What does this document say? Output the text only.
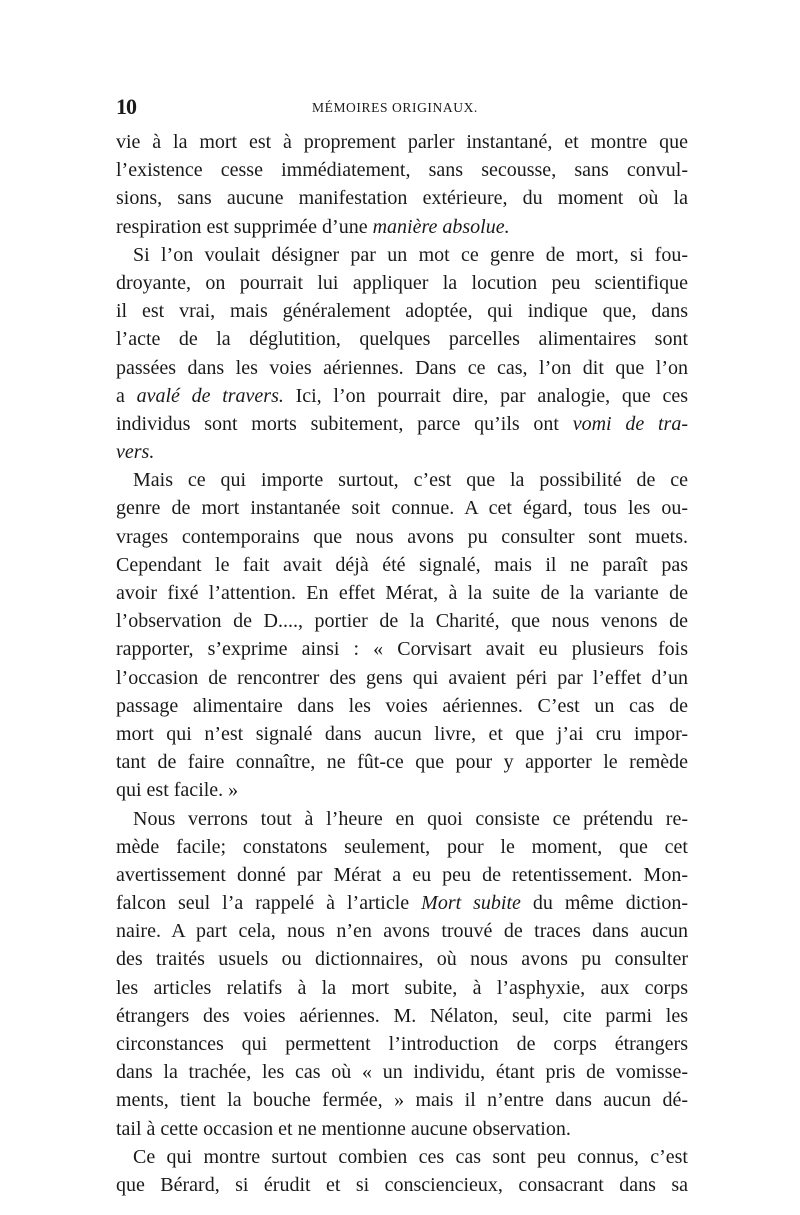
10	MÉMOIRES ORIGINAUX.
vie à la mort est à proprement parler instantané, et montre que
l’existence cesse immédiatement, sans secousse, sans convul-
sions, sans aucune manifestation extérieure, du moment où la
respiration est supprimée d’une manière absolue.
Si l’on voulait désigner par un mot ce genre de mort, si fou-
droyante, on pourrait lui appliquer la locution peu scientifique
il est vrai, mais généralement adoptée, qui indique que, dans
l’acte de la déglutition, quelques parcelles alimentaires sont
passées dans les voies aériennes. Dans ce cas, l’on dit que l’on
a avalé de travers. Ici, l’on pourrait dire, par analogie, que ces
individus sont morts subitement, parce qu’ils ont vomi de tra-
vers.
Mais ce qui importe surtout, c’est que la possibilité de ce
genre de mort instantanée soit connue. A cet égard, tous les ou-
vrages contemporains que nous avons pu consulter sont muets.
Cependant le fait avait déjà été signalé, mais il ne paraît pas
avoir fixé l’attention. En effet Mérat, à la suite de la variante de
l’observation de D...., portier de la Charité, que nous venons de
rapporter, s’exprime ainsi : « Corvisart avait eu plusieurs fois
l’occasion de rencontrer des gens qui avaient péri par l’effet d’un
passage alimentaire dans les voies aériennes. C’est un cas de
mort qui n’est signalé dans aucun livre, et que j’ai cru impor-
tant de faire connaître, ne fût-ce que pour y apporter le remède
qui est facile. »
Nous verrons tout à l’heure en quoi consiste ce prétendu re-
mède facile; constatons seulement, pour le moment, que cet
avertissement donné par Mérat a eu peu de retentissement. Mon-
falcon seul l’a rappelé à l’article Mort subite du même diction-
naire. A part cela, nous n’en avons trouvé de traces dans aucun
des traités usuels ou dictionnaires, où nous avons pu consulter
les articles relatifs à la mort subite, à l’asphyxie, aux corps
étrangers des voies aériennes. M. Nélaton, seul, cite parmi les
circonstances qui permettent l’introduction de corps étrangers
dans la trachée, les cas où « un individu, étant pris de vomisse-
ments, tient la bouche fermée, » mais il n’entre dans aucun dé-
tail à cette occasion et ne mentionne aucune observation.
Ce qui montre surtout combien ces cas sont peu connus, c’est
que Bérard, si érudit et si consciencieux, consacrant dans sa
